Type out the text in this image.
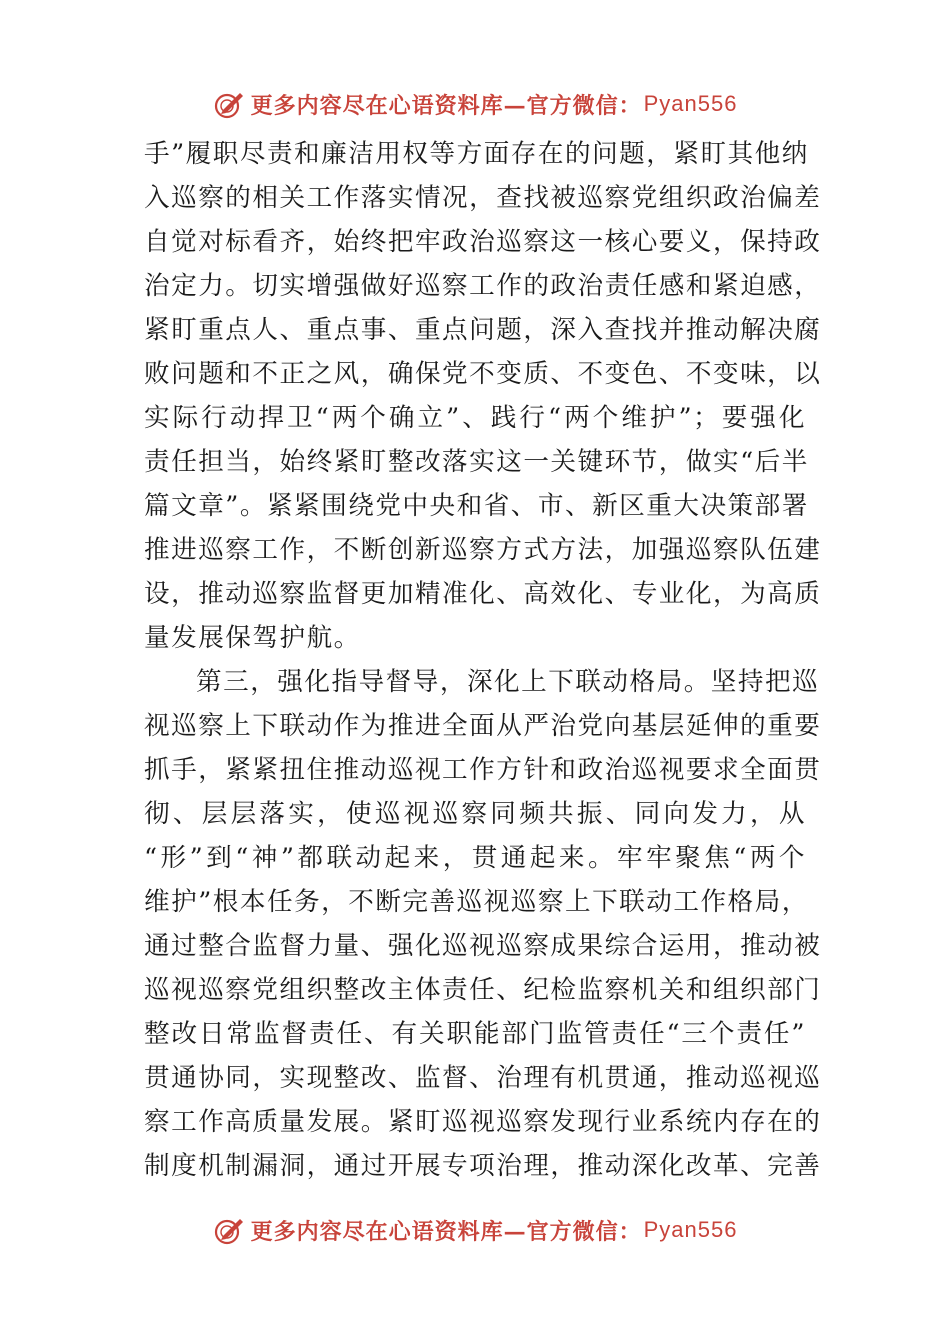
更多内容尽在心语资料库—官方微信： Pyan556
手”履职尽责和廉洁用权等方面存在的问题，紧盯其他纳
入巡察的相关工作落实情况，查找被巡察党组织政治偏差
自觉对标看齐，始终把牢政治巡察这一核心要义，保持政
治定力。切实增强做好巡察工作的政治责任感和紧迫感，
紧盯重点人、重点事、重点问题，深入查找并推动解决腐
败问题和不正之风，确保党不变质、不变色、不变味，以
实际行动捍卫“两个确立”、践行“两个维护”；要强化
责任担当，始终紧盯整改落实这一关键环节，做实“后半
篇文章”。紧紧围绕党中央和省、市、新区重大决策部署
推进巡察工作，不断创新巡察方式方法，加强巡察队伍建
设，推动巡察监督更加精准化、高效化、专业化，为高质
量发展保驾护航。
第三，强化指导督导，深化上下联动格局。坚持把巡
视巡察上下联动作为推进全面从严治党向基层延伸的重要
抓手，紧紧扭住推动巡视工作方针和政治巡视要求全面贯
彻、层层落实，使巡视巡察同频共振、同向发力，从
“形”到“神”都联动起来，贯通起来。牢牢聚焦“两个
维护”根本任务，不断完善巡视巡察上下联动工作格局，
通过整合监督力量、强化巡视巡察成果综合运用，推动被
巡视巡察党组织整改主体责任、纪检监察机关和组织部门
整改日常监督责任、有关职能部门监管责任“三个责任”
贯通协同，实现整改、监督、治理有机贯通，推动巡视巡
察工作高质量发展。紧盯巡视巡察发现行业系统内存在的
制度机制漏洞，通过开展专项治理，推动深化改革、完善
更多内容尽在心语资料库—官方微信： Pyan556
